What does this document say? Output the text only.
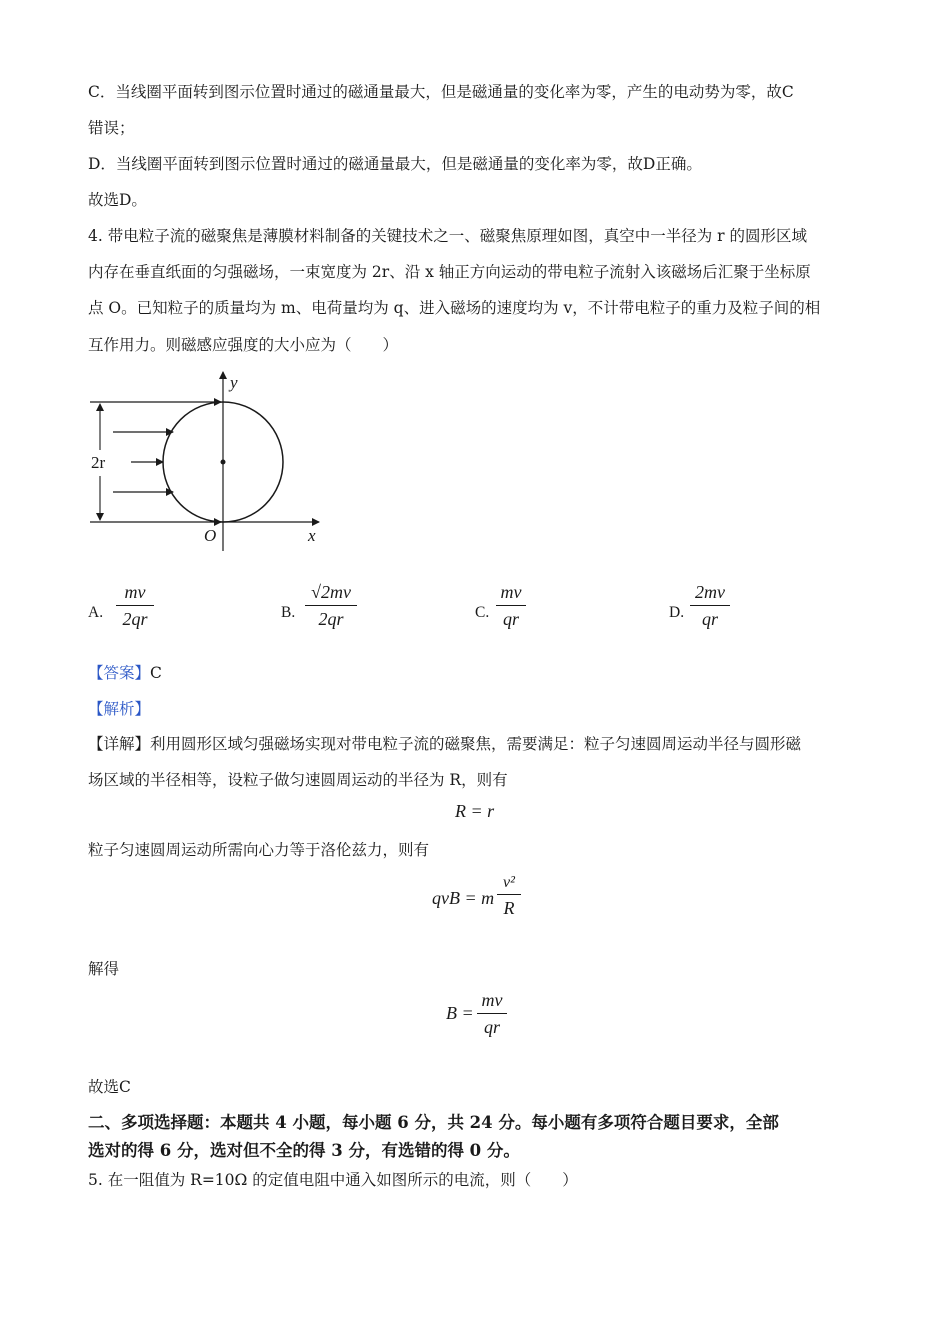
C．当线圈平面转到图示位置时通过的磁通量最大，但是磁通量的变化率为零，产生的电动势为零，故C
错误；
D．当线圈平面转到图示位置时通过的磁通量最大，但是磁通量的变化率为零，故D正确。
故选D。
4. 带电粒子流的磁聚焦是薄膜材料制备的关键技术之一、磁聚焦原理如图，真空中一半径为 r 的圆形区域
内存在垂直纸面的匀强磁场，一束宽度为 2r、沿 x 轴正方向运动的带电粒子流射入该磁场后汇聚于坐标原
点 O。已知粒子的质量均为 m、电荷量均为 q、进入磁场的速度均为 v，不计带电粒子的重力及粒子间的相
互作用力。则磁感应强度的大小应为（　　）
2r
y
x
O
A. $\frac{mv}{2qr}$	B. $\frac{√2mv}{2qr}$	C. $\frac{mv}{qr}$	D. $\frac{2mv}{qr}$
【答案】C
【解析】
【详解】利用圆形区域匀强磁场实现对带电粒子流的磁聚焦，需要满足：粒子匀速圆周运动半径与圆形磁
场区域的半径相等，设粒子做匀速圆周运动的半径为 R，则有
R = r
粒子匀速圆周运动所需向心力等于洛伦兹力，则有
qvB = m $\frac{\text{v²}}{R}$
解得
$B = \frac{mv}{qr}$
故选C
二、多项选择题：本题共 4 小题，每小题 6 分，共 24 分。每小题有多项符合题目要求，全部
选对的得 6 分，选对但不全的得 3 分，有选错的得 0 分。
5. 在一阻值为 R=10Ω 的定值电阻中通入如图所示的电流，则（　　）
